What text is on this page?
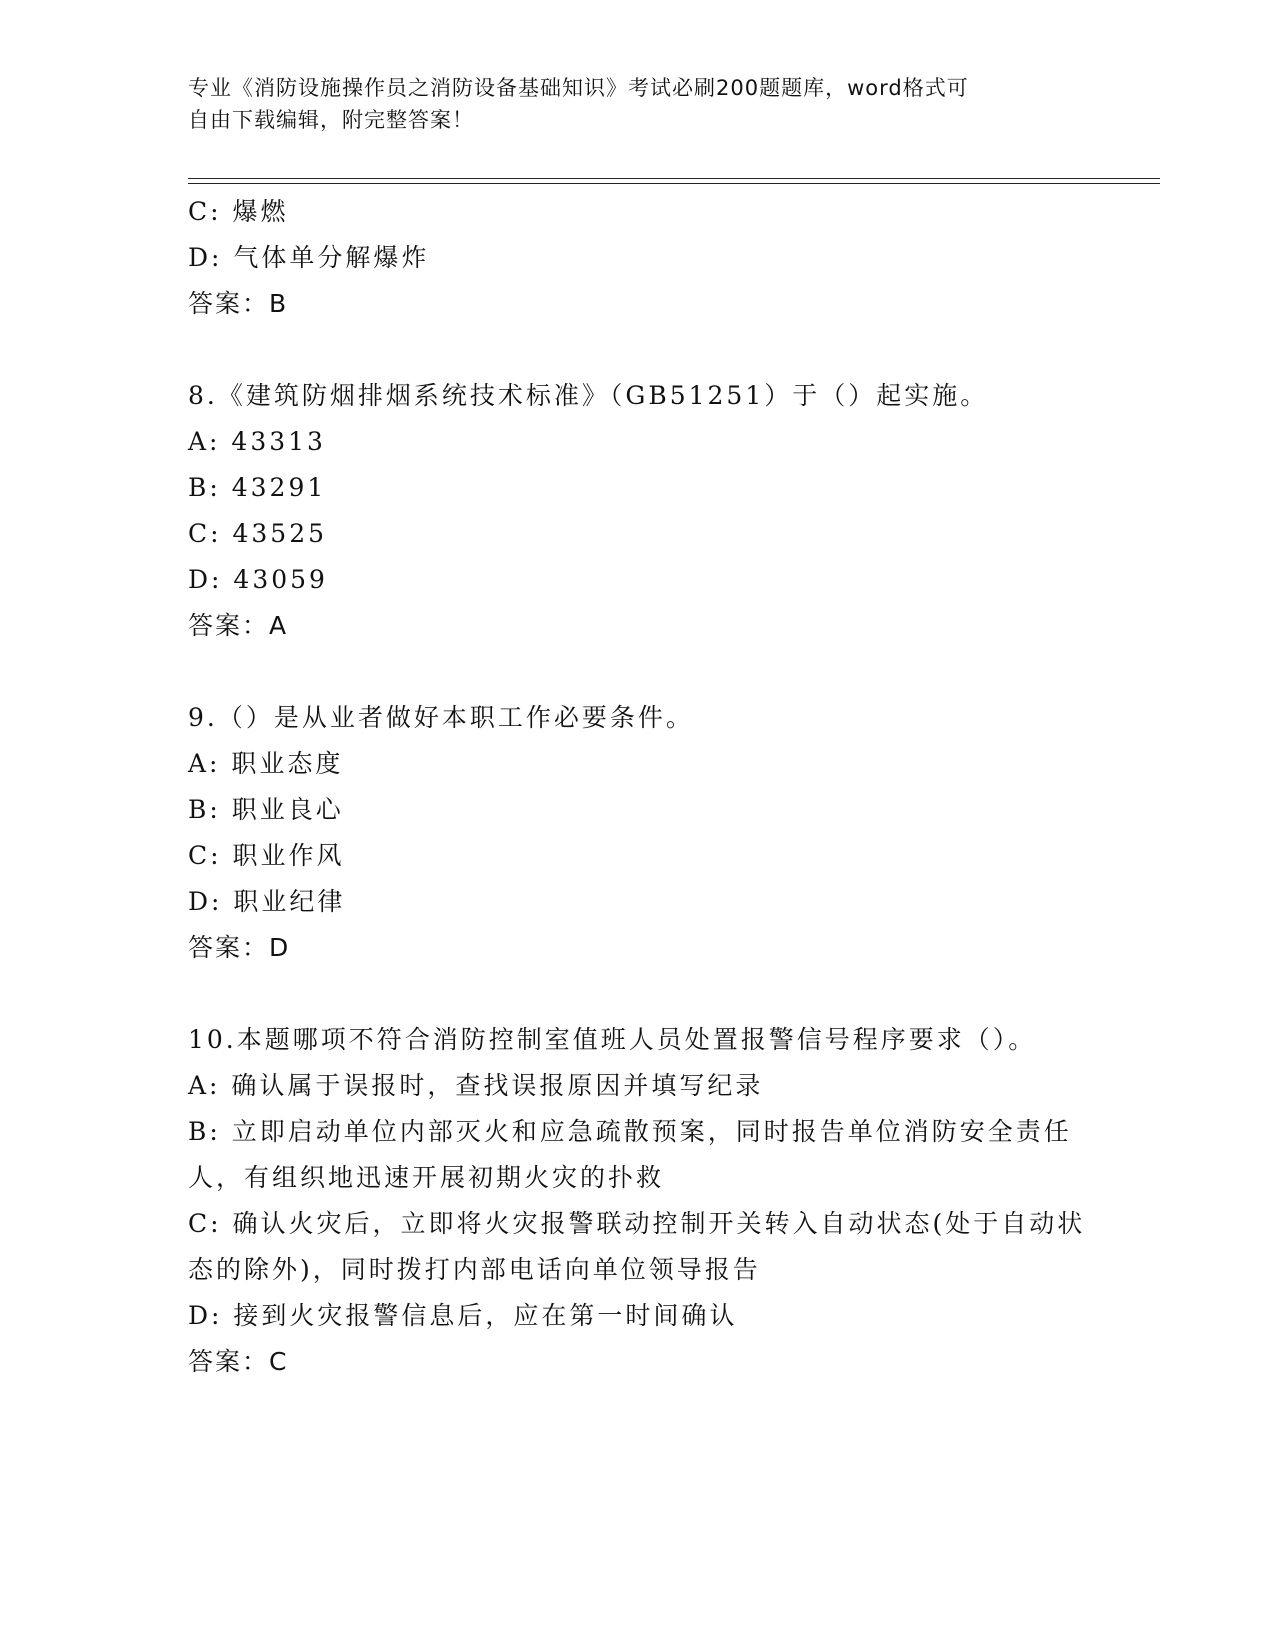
专业《消防设施操作员之消防设备基础知识》考试必刷200题题库，word格式可
自由下载编辑，附完整答案！
C: 爆燃
D: 气体单分解爆炸
答案：B
8.《建筑防烟排烟系统技术标准》（GB51251）于（）起实施。
A: 43313
B: 43291
C: 43525
D: 43059
答案：A
9.（）是从业者做好本职工作必要条件。
A: 职业态度
B: 职业良心
C: 职业作风
D: 职业纪律
答案：D
10.本题哪项不符合消防控制室值班人员处置报警信号程序要求（）。
A: 确认属于误报时，查找误报原因并填写纪录
B: 立即启动单位内部灭火和应急疏散预案，同时报告单位消防安全责任人，有组织地迅速开展初期火灾的扑救
C: 确认火灾后，立即将火灾报警联动控制开关转入自动状态(处于自动状态的除外)，同时拨打内部电话向单位领导报告
D: 接到火灾报警信息后，应在第一时间确认
答案：C
